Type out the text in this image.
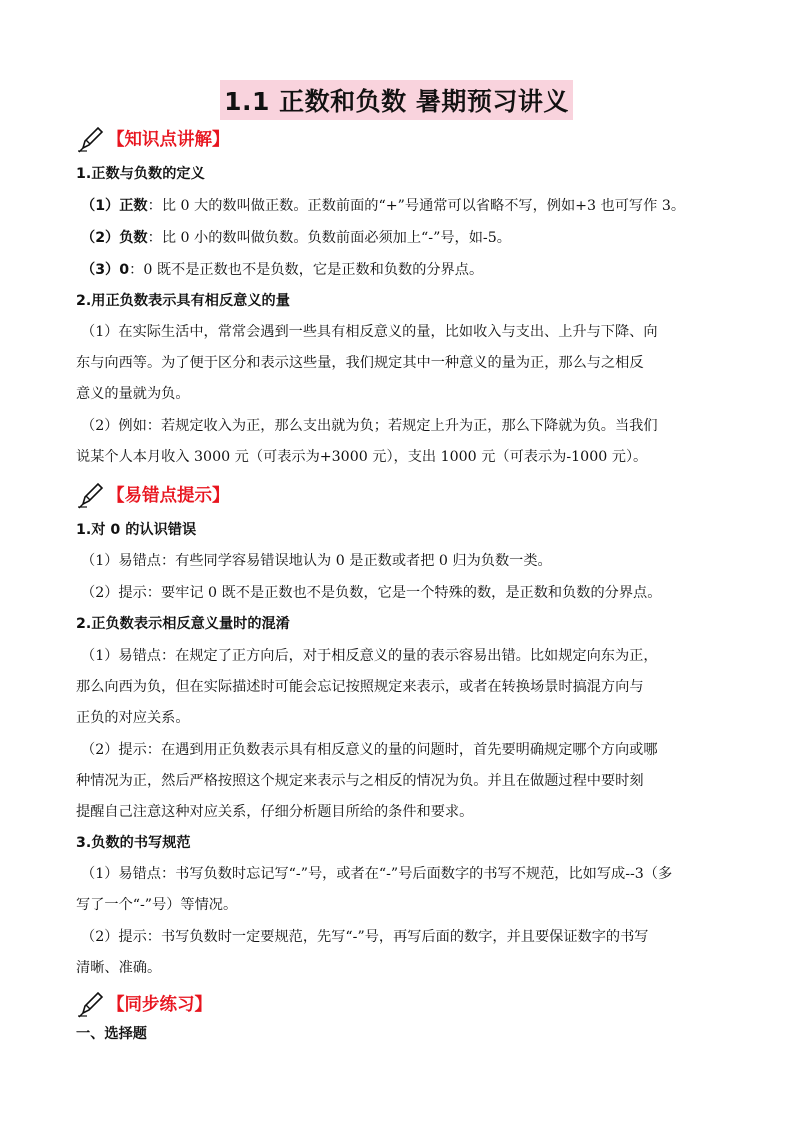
1.1 正数和负数 暑期预习讲义
【知识点讲解】
1.正数与负数的定义
（1）正数：比 0 大的数叫做正数。正数前面的“+”号通常可以省略不写，例如+3 也可写作 3。
（2）负数：比 0 小的数叫做负数。负数前面必须加上“-”号，如-5。
（3）0：0 既不是正数也不是负数，它是正数和负数的分界点。
2.用正负数表示具有相反意义的量
（1）在实际生活中，常常会遇到一些具有相反意义的量，比如收入与支出、上升与下降、向
东与向西等。为了便于区分和表示这些量，我们规定其中一种意义的量为正，那么与之相反
意义的量就为负。
（2）例如：若规定收入为正，那么支出就为负；若规定上升为正，那么下降就为负。当我们
说某个人本月收入 3000 元（可表示为+3000 元），支出 1000 元（可表示为-1000 元）。
【易错点提示】
1.对 0 的认识错误
（1）易错点：有些同学容易错误地认为 0 是正数或者把 0 归为负数一类。
（2）提示：要牢记 0 既不是正数也不是负数，它是一个特殊的数，是正数和负数的分界点。
2.正负数表示相反意义量时的混淆
（1）易错点：在规定了正方向后，对于相反意义的量的表示容易出错。比如规定向东为正，
那么向西为负，但在实际描述时可能会忘记按照规定来表示，或者在转换场景时搞混方向与
正负的对应关系。
（2）提示：在遇到用正负数表示具有相反意义的量的问题时，首先要明确规定哪个方向或哪
种情况为正，然后严格按照这个规定来表示与之相反的情况为负。并且在做题过程中要时刻
提醒自己注意这种对应关系，仔细分析题目所给的条件和要求。
3.负数的书写规范
（1）易错点：书写负数时忘记写“-”号，或者在“-”号后面数字的书写不规范，比如写成--3（多
写了一个“-”号）等情况。
（2）提示：书写负数时一定要规范，先写“-”号，再写后面的数字，并且要保证数字的书写
清晰、准确。
【同步练习】
一、选择题
